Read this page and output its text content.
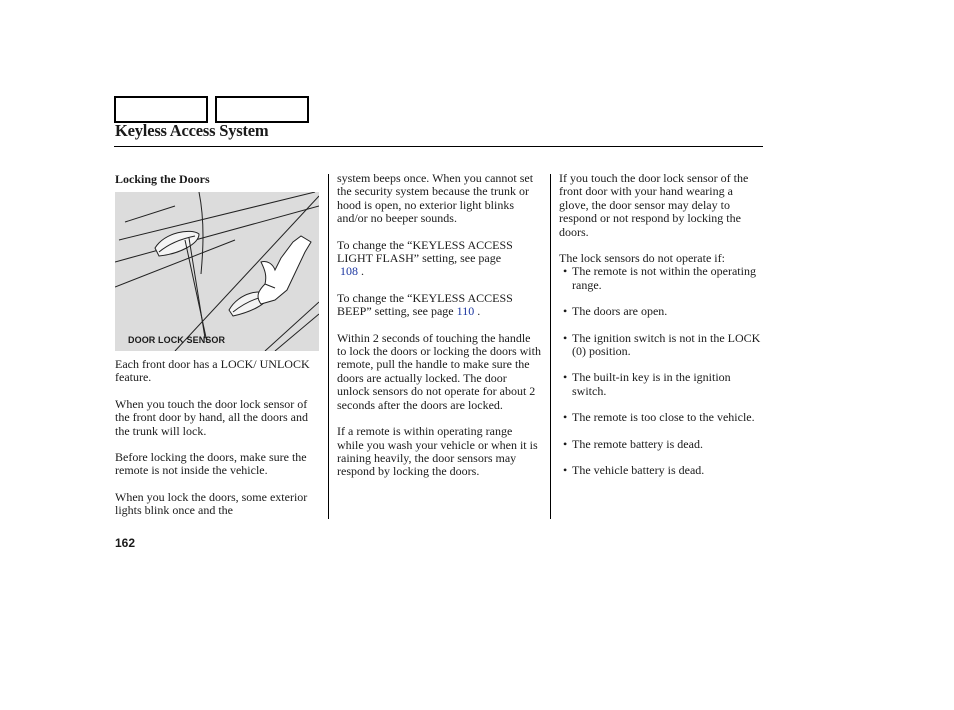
Keyless Access System
Locking the Doors
DOOR LOCK SENSOR

Each front door has a LOCK/ UNLOCK feature.

When you touch the door lock sensor of the front door by hand, all the doors and the trunk will lock.

Before locking the doors, make sure the remote is not inside the vehicle.

When you lock the doors, some exterior lights blink once and the

system beeps once. When you cannot set the security system because the trunk or hood is open, no exterior light blinks and/or no beeper sounds.

To change the “KEYLESS ACCESS LIGHT FLASH” setting, see page
108 .

To change the “KEYLESS ACCESS BEEP” setting, see page 110 .

Within 2 seconds of touching the handle to lock the doors or locking the doors with remote, pull the handle to make sure the doors are actually locked. The door unlock sensors do not operate for about 2 seconds after the doors are locked.

If a remote is within operating range while you wash your vehicle or when it is raining heavily, the door sensors may respond by locking the doors.

If you touch the door lock sensor of the front door with your hand wearing a glove, the door sensor may delay to respond or not respond by locking the doors.

The lock sensors do not operate if:

• The remote is not within the operating range.
• The doors are open.
• The ignition switch is not in the LOCK (0) position.
• The built-in key is in the ignition switch.
• The remote is too close to the vehicle.
• The remote battery is dead.
• The vehicle battery is dead.
162
